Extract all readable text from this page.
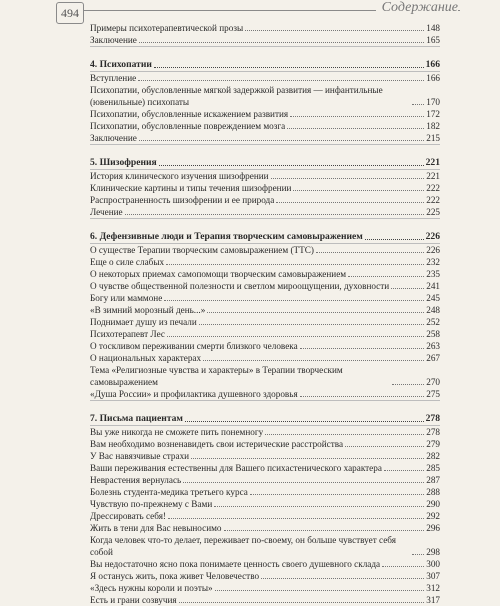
494	Содержание
Примеры психотерапевтической прозы	148
Заключение	165
4. Психопатии	166
Вступление	166
Психопатии, обусловленные мягкой задержкой развития — инфантильные (ювенильные) психопаты	170
Психопатии, обусловленные искажением развития	172
Психопатии, обусловленные повреждением мозга	182
Заключение	215
5. Шизофрения	221
История клинического изучения шизофрении	221
Клинические картины и типы течения шизофрении	222
Распространенность шизофрении и ее природа	222
Лечение	225
6. Дефензивные люди и Терапия творческим самовыражением	226
О существе Терапии творческим самовыражением (ТТС)	226
Еще о силе слабых	232
О некоторых приемах самопомощи творческим самовыражением	235
О чувстве общественной полезности и светлом мироощущении, духовности	241
Богу или маммоне	245
«В зимний морозный день...»	248
Поднимает душу из печали	252
Психотерапевт Лес	258
О тоскливом переживании смерти близкого человека	263
О национальных характерах	267
Тема «Религиозные чувства и характеры» в Терапии творческим самовыражением	270
«Душа России» и профилактика душевного здоровья	275
7. Письма пациентам	278
Вы уже никогда не сможете пить понемногу	278
Вам необходимо возненавидеть свои истерические расстройства	279
У Вас навязчивые страхи	282
Ваши переживания естественны для Вашего психастенического характера	285
Неврастения вернулась	287
Болезнь студента-медика третьего курса	288
Чувствую по-прежнему с Вами	290
Дрессировать себя!	292
Жить в тени для Вас невыносимо	296
Когда человек что-то делает, переживает по-своему, он больше чувствует себя собой	298
Вы недостаточно ясно пока понимаете ценность своего душевного склада	300
Я останусь жить, пока живет Человечество	307
«Здесь нужны короли и поэты»	312
Есть и грани созвучия	317
